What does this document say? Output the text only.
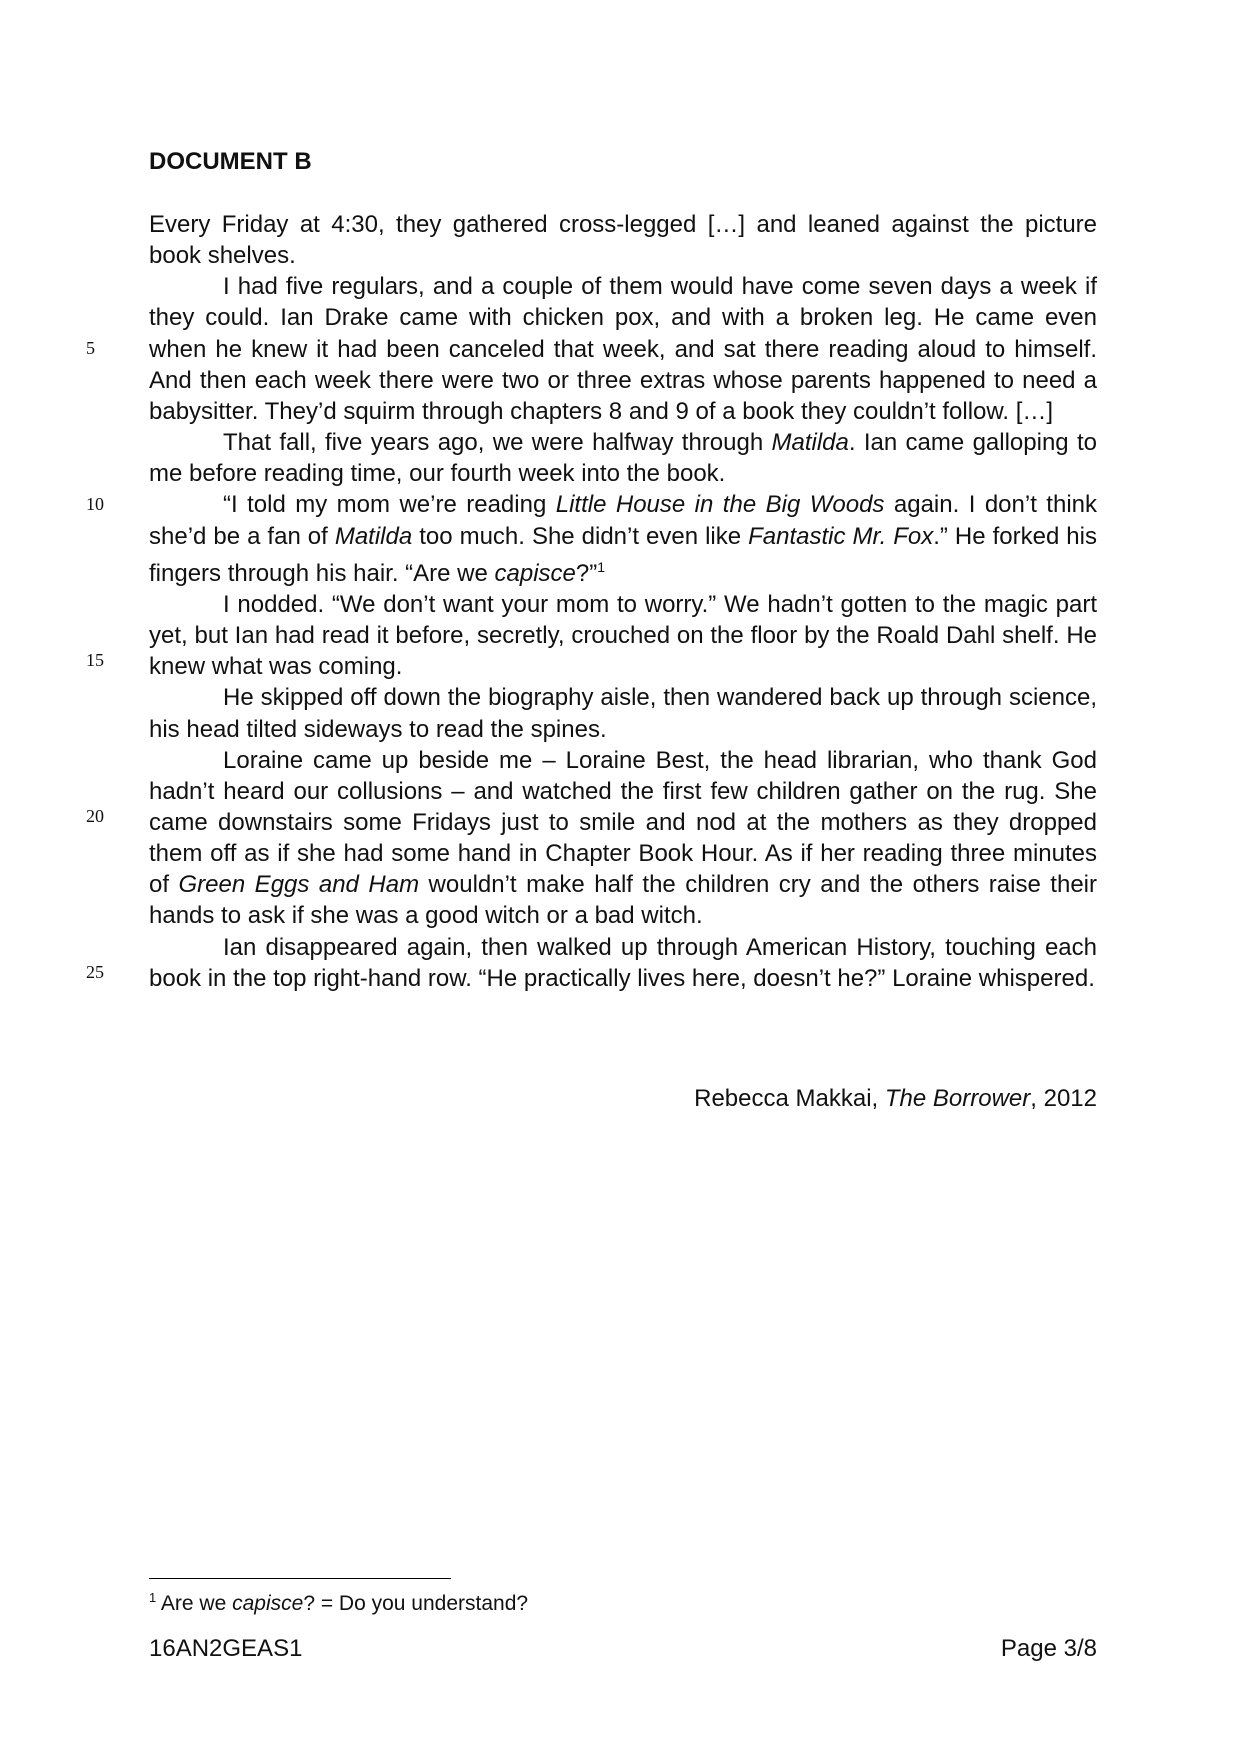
DOCUMENT B

Every Friday at 4:30, they gathered cross-legged […] and leaned against the picture book shelves.

I had five regulars, and a couple of them would have come seven days a week if they could. Ian Drake came with chicken pox, and with a broken leg. He came even when he knew it had been canceled that week, and sat there reading aloud to himself. And then each week there were two or three extras whose parents happened to need a babysitter. They’d squirm through chapters 8 and 9 of a book they couldn’t follow. […]

That fall, five years ago, we were halfway through Matilda. Ian came galloping to me before reading time, our fourth week into the book.

“I told my mom we’re reading Little House in the Big Woods again. I don’t think she’d be a fan of Matilda too much. She didn’t even like Fantastic Mr. Fox.” He forked his fingers through his hair. “Are we capisce?”$^1$

I nodded. “We don’t want your mom to worry.” We hadn’t gotten to the magic part yet, but Ian had read it before, secretly, crouched on the floor by the Roald Dahl shelf. He knew what was coming.

He skipped off down the biography aisle, then wandered back up through science, his head tilted sideways to read the spines.

Loraine came up beside me – Loraine Best, the head librarian, who thank God hadn’t heard our collusions – and watched the first few children gather on the rug. She came downstairs some Fridays just to smile and nod at the mothers as they dropped them off as if she had some hand in Chapter Book Hour. As if her reading three minutes of Green Eggs and Ham wouldn’t make half the children cry and the others raise their hands to ask if she was a good witch or a bad witch.

Ian disappeared again, then walked up through American History, touching each book in the top right-hand row. “He practically lives here, doesn’t he?” Loraine whispered.

5
10
15
20
25
Rebecca Makkai, The Borrower, 2012
$^1$ Are we capisce? = Do you understand?
16AN2GEAS1	Page 3/8
